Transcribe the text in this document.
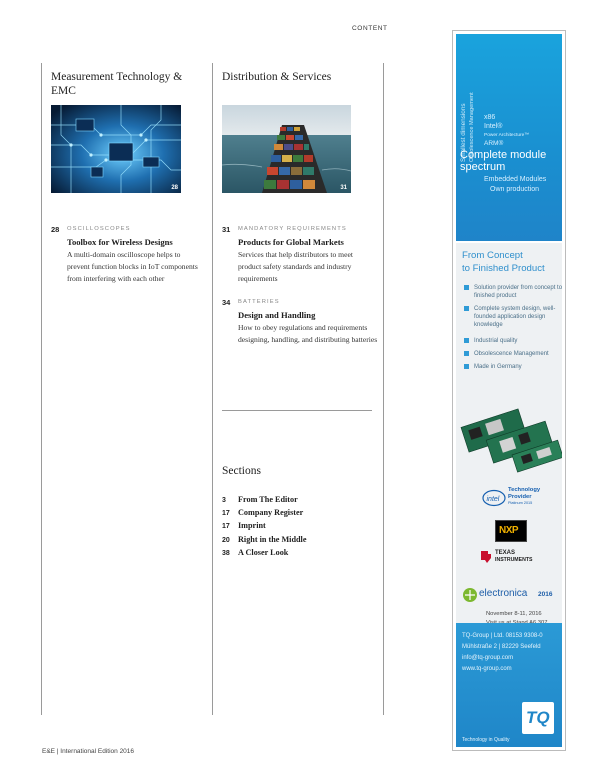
CONTENT
Measurement Technology & EMC
28
28 OSCILLOSCOPES
Toolbox for Wireless Designs
A multi-domain oscilloscope helps to prevent function blocks in IoT components from interfering with each other
Distribution & Services
31
31 MANDATORY REQUIREMENTS
Products for Global Markets
Services that help distributors to meet product safety standards and industry requirements
34 BATTERIES
Design and Handling
How to obey regulations and requirements designing, handling, and distributing batteries
Sections
3 From The Editor
17 Company Register
17 Imprint
20 Right in the Middle
38 A Closer Look
Smallest dimensions Obsolescence Management x86
Intel®
Power Architecture™
ARM®
Complete module
spectrum
Embedded Modules
Own production
From Concept
to Finished Product
Solution provider from concept to finished product
Complete system design, well-founded application design knowledge
Industrial quality
Obsolescence Management
Made in Germany
intel
Technology
Provider
Platinum 2015
NXP
TEXAS
INSTRUMENTS
electronica 2016
November 8-11, 2016
TQ-Group | Ltd. 08153 9308-0
Mühlstraße 2 | 82229 Seefeld
info@tq-group.com
www.tq-group.com
TQ
Technology in Quality
E&E | International Edition 2016
